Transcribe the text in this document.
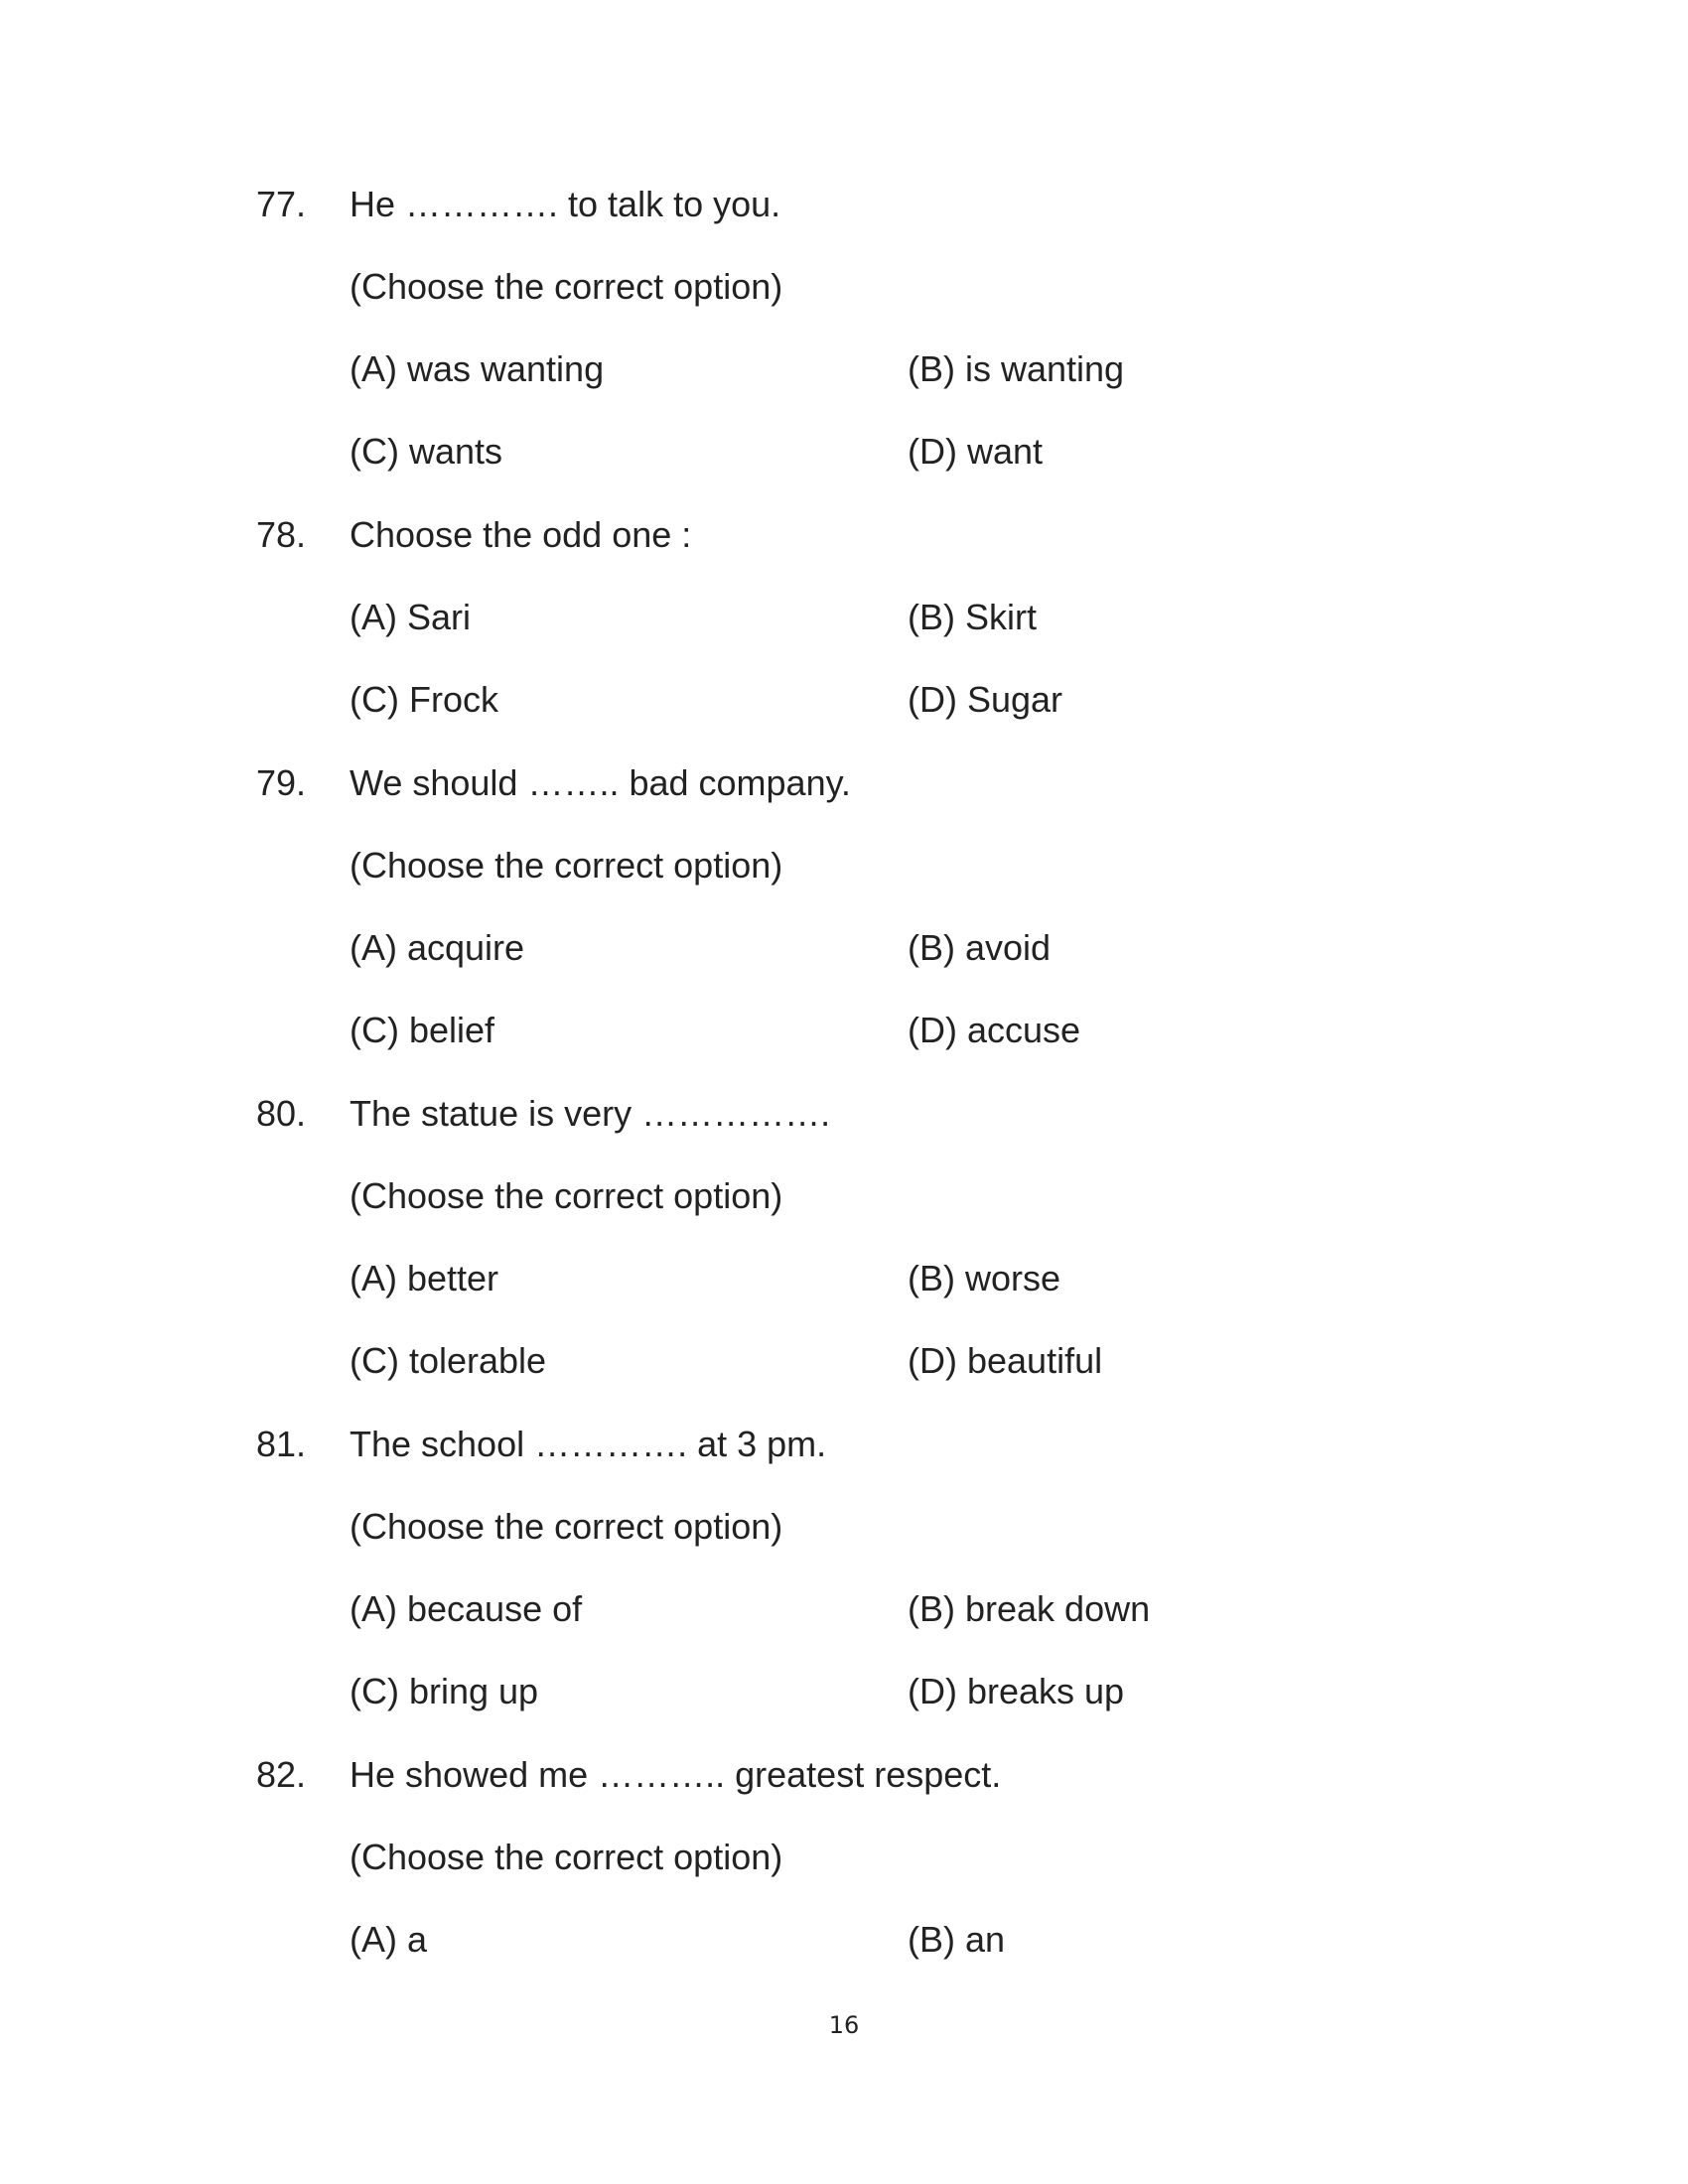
77. He …………. to talk to you.
(Choose the correct option)
(A) was wanting	(B) is wanting
(C) wants	(D) want
78. Choose the odd one :
(A) Sari	(B) Skirt
(C) Frock	(D) Sugar
79. We should …….. bad company.
(Choose the correct option)
(A) acquire	(B) avoid
(C) belief	(D) accuse
80. The statue is very …………….
(Choose the correct option)
(A) better	(B) worse
(C) tolerable	(D) beautiful
81. The school …………. at 3 pm.
(Choose the correct option)
(A) because of	(B) break down
(C) bring up	(D) breaks up
82. He showed me ……….. greatest respect.
(Choose the correct option)
(A) a	(B) an
16
